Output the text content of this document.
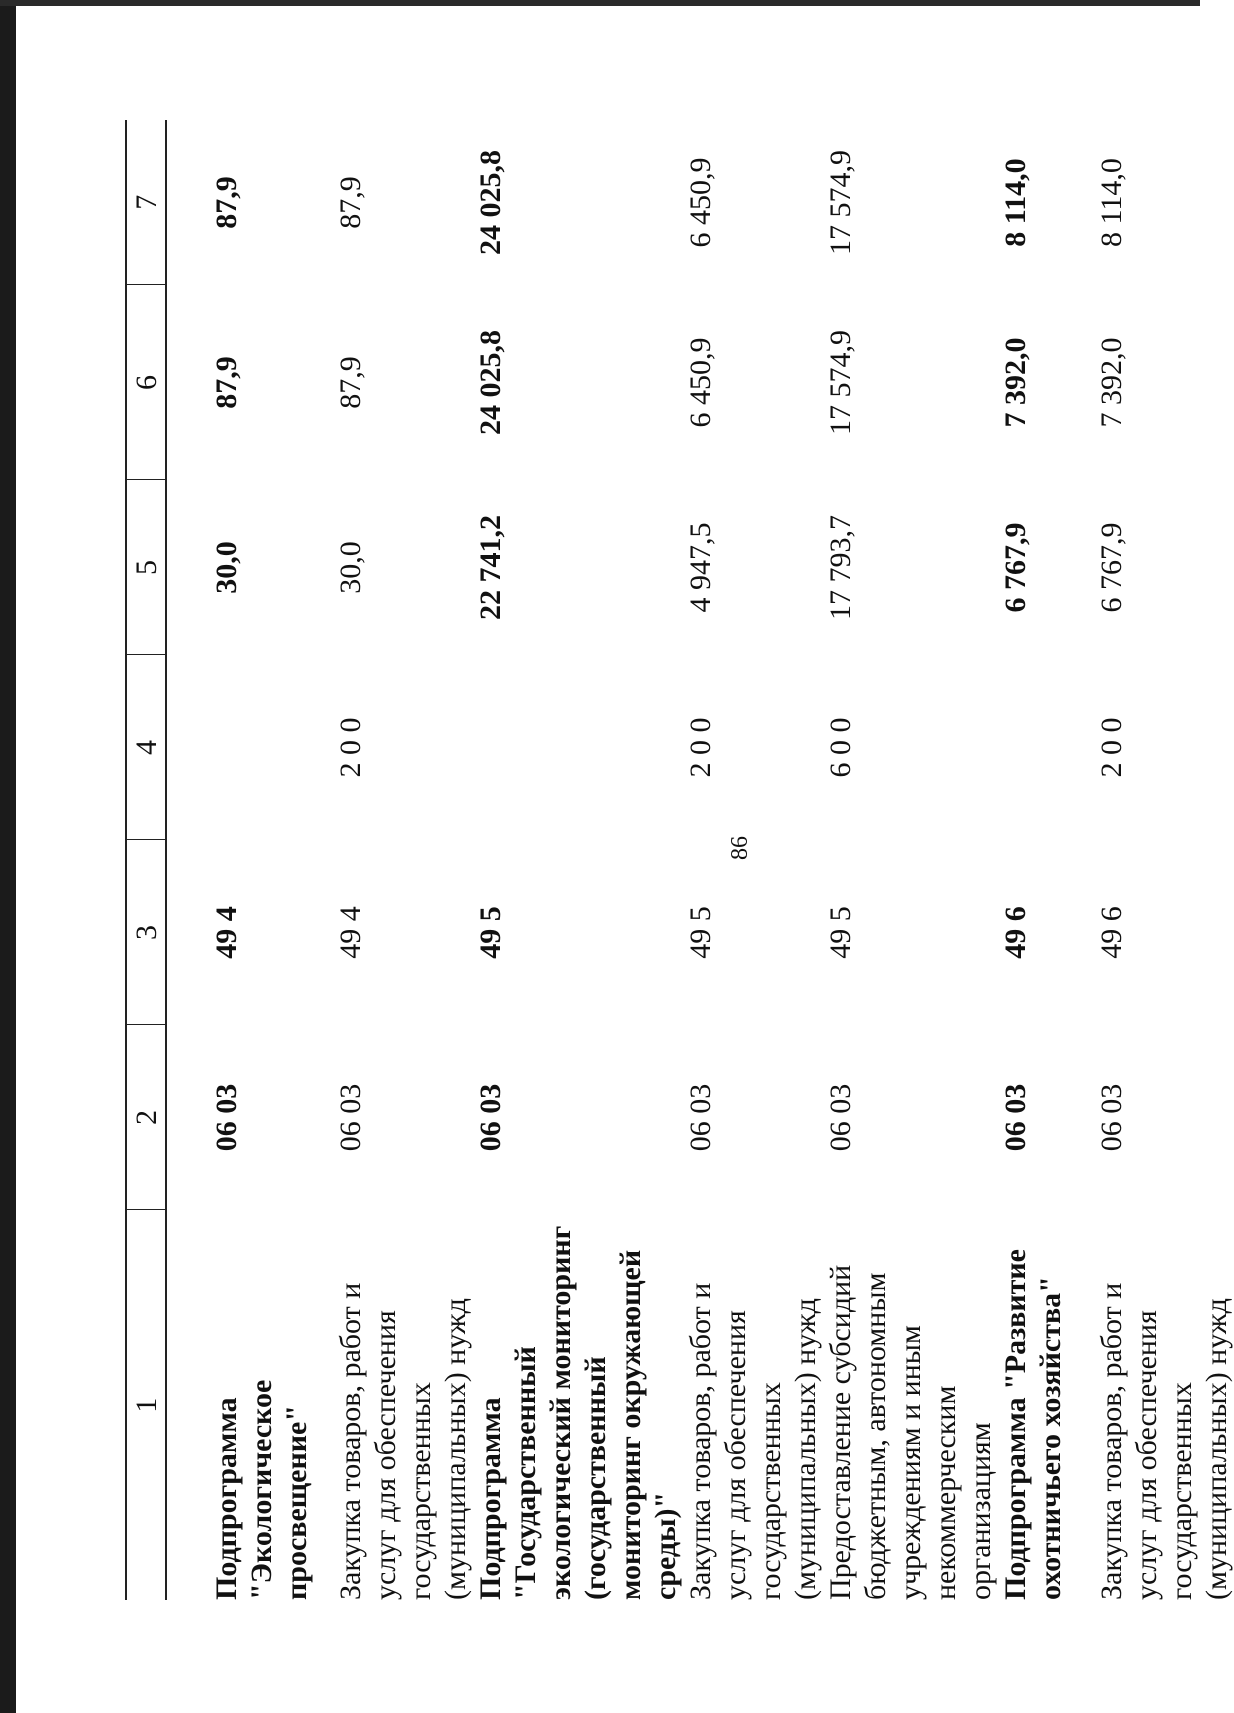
86
1	2	3	4	5	6	7
Подпрограмма "Экологическое просвещение"	06 03	49 4		30,0	87,9	87,9
Закупка товаров, работ и услуг для обеспечения государственных (муниципальных) нужд	06 03	49 4	2 0 0	30,0	87,9	87,9
Подпрограмма "Государственный экологический мониторинг (государственный мониторинг окружающей среды)"	06 03	49 5		22 741,2	24 025,8	24 025,8
Закупка товаров, работ и услуг для обеспечения государственных (муниципальных) нужд	06 03	49 5	2 0 0	4 947,5	6 450,9	6 450,9
Предоставление субсидий бюджетным, автономным учреждениям и иным некоммерческим организациям	06 03	49 5	6 0 0	17 793,7	17 574,9	17 574,9
Подпрограмма "Развитие охотничьего хозяйства"	06 03	49 6		6 767,9	7 392,0	8 114,0
Закупка товаров, работ и услуг для обеспечения государственных (муниципальных) нужд	06 03	49 6	2 0 0	6 767,9	7 392,0	8 114,0
